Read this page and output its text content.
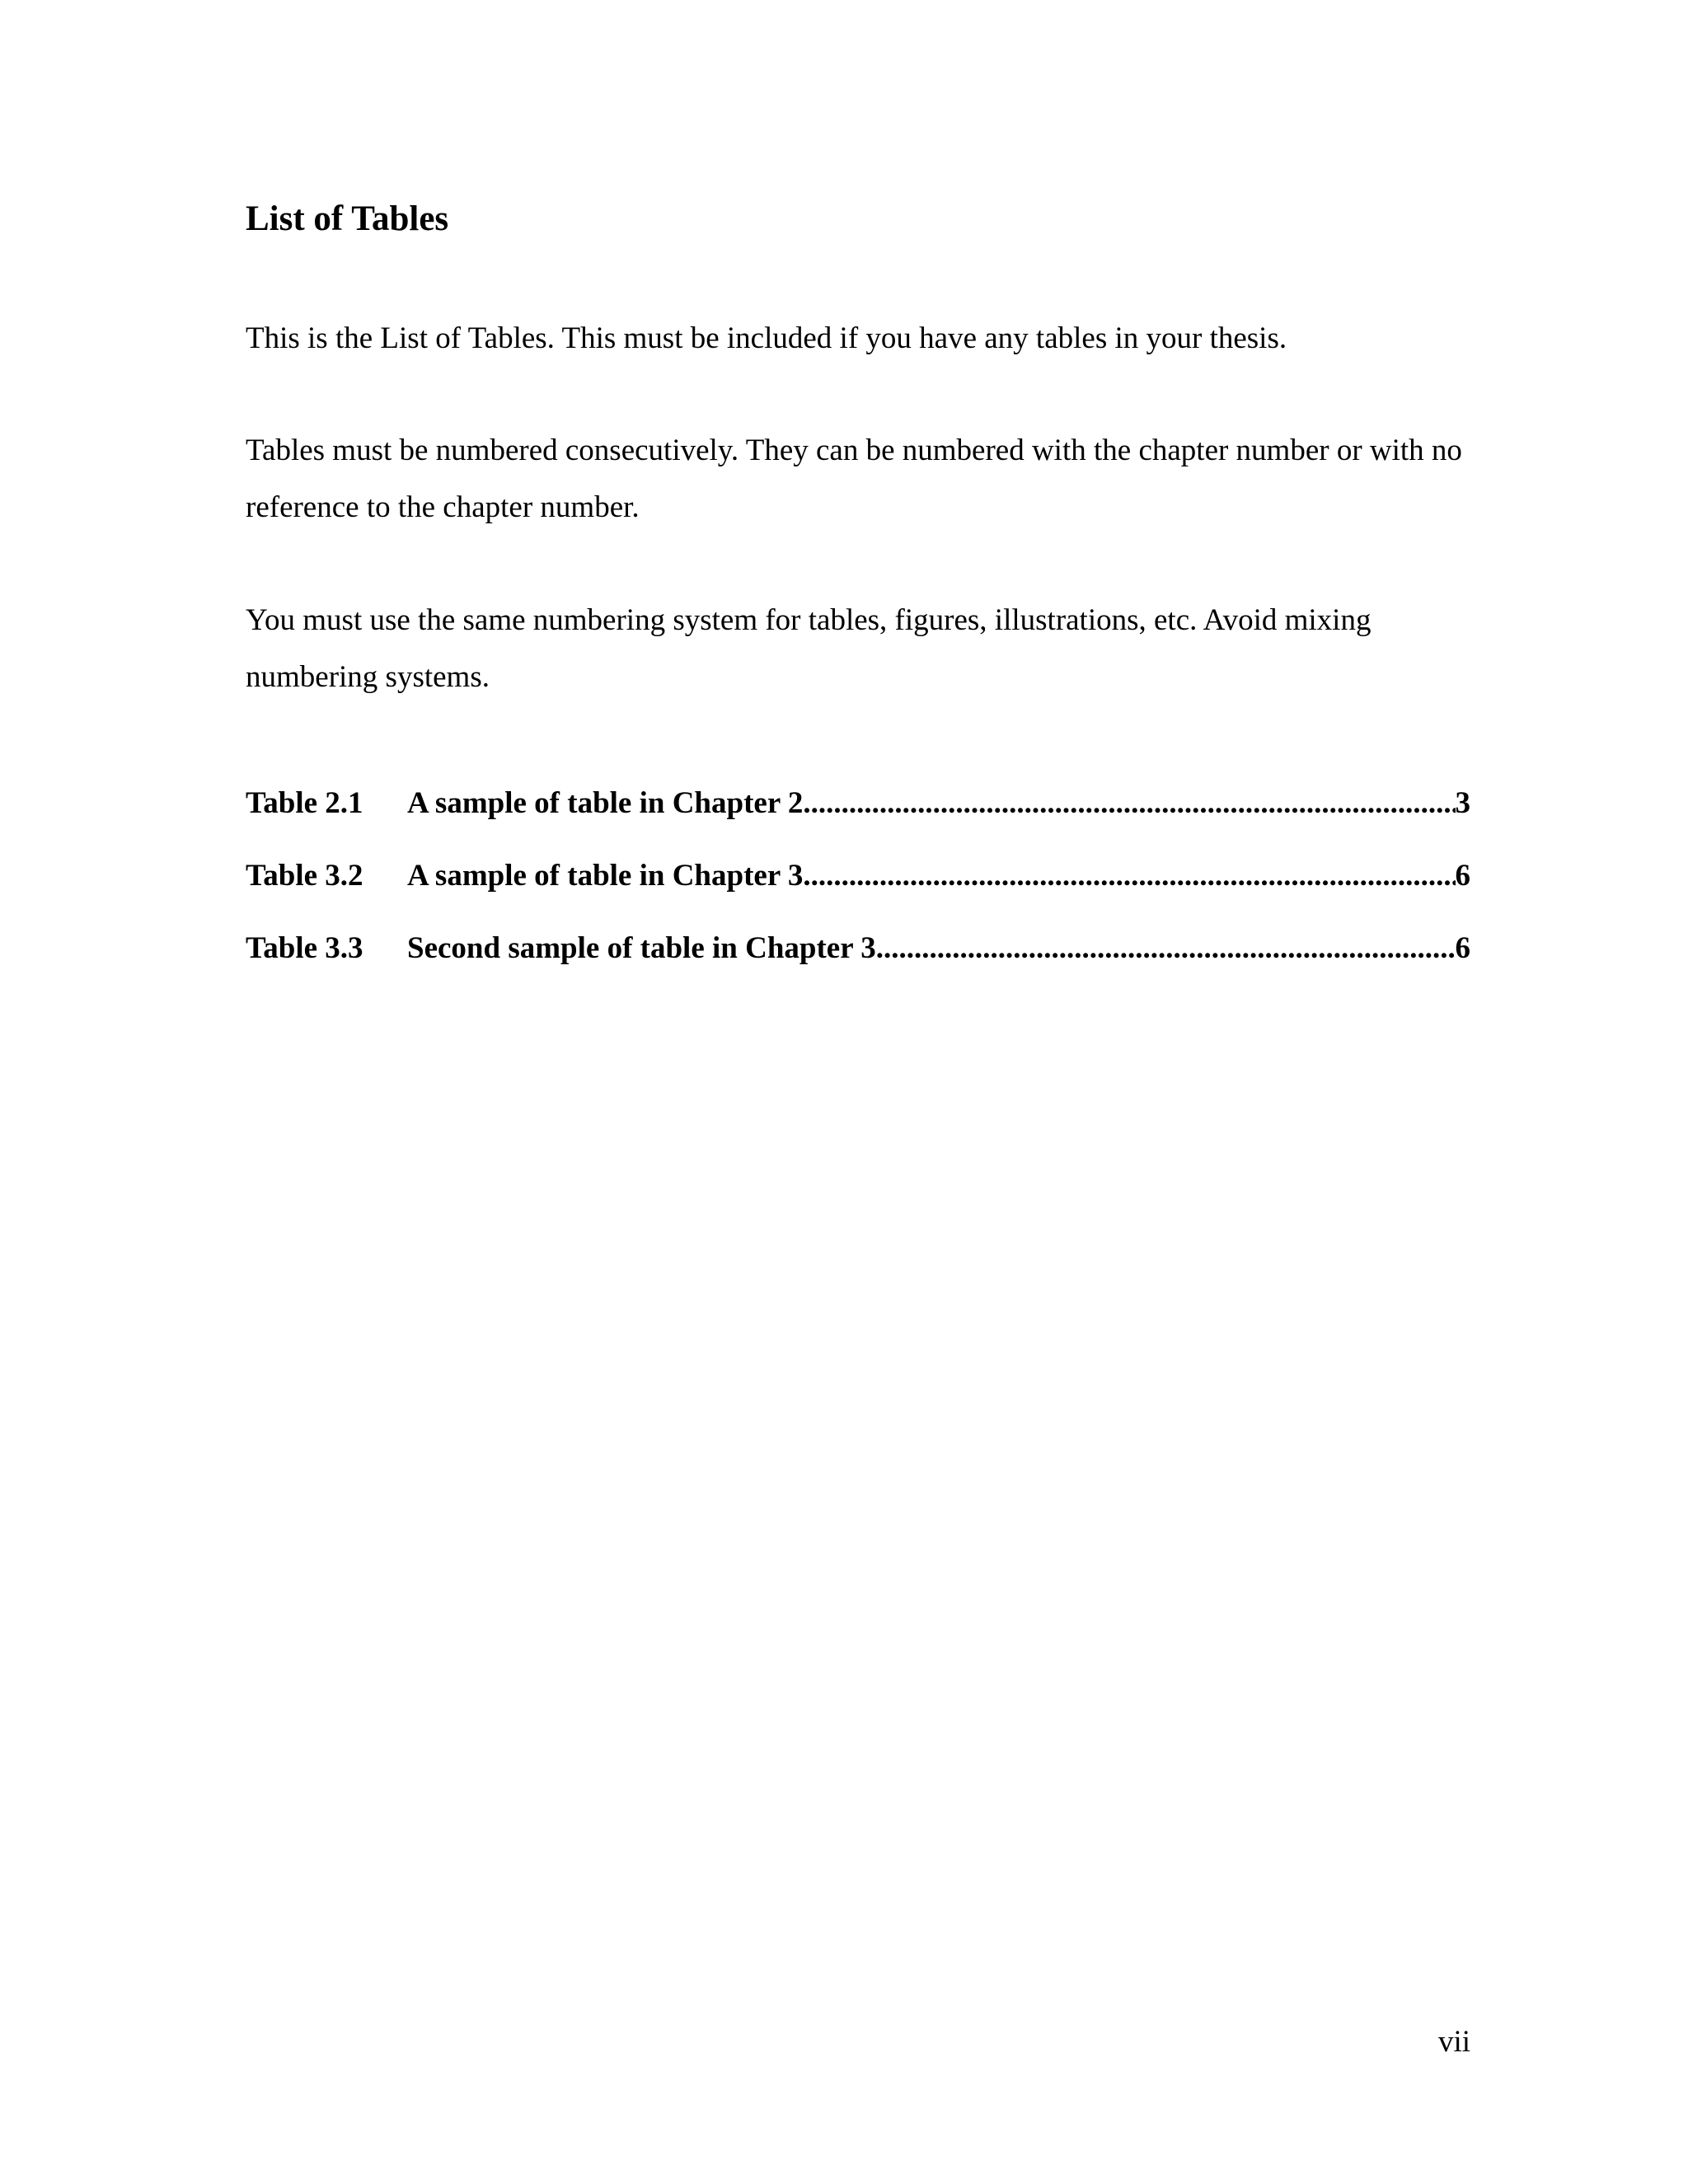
List of Tables

This is the List of Tables. This must be included if you have any tables in your thesis.

Tables must be numbered consecutively. They can be numbered with the chapter number or with no reference to the chapter number.

You must use the same numbering system for tables, figures, illustrations, etc. Avoid mixing numbering systems.

Table 2.1	A sample of table in Chapter 2 .....	3
Table 3.2	A sample of table in Chapter 3 .....	6
Table 3.3	Second sample of table in Chapter 3 .....	6

vii
